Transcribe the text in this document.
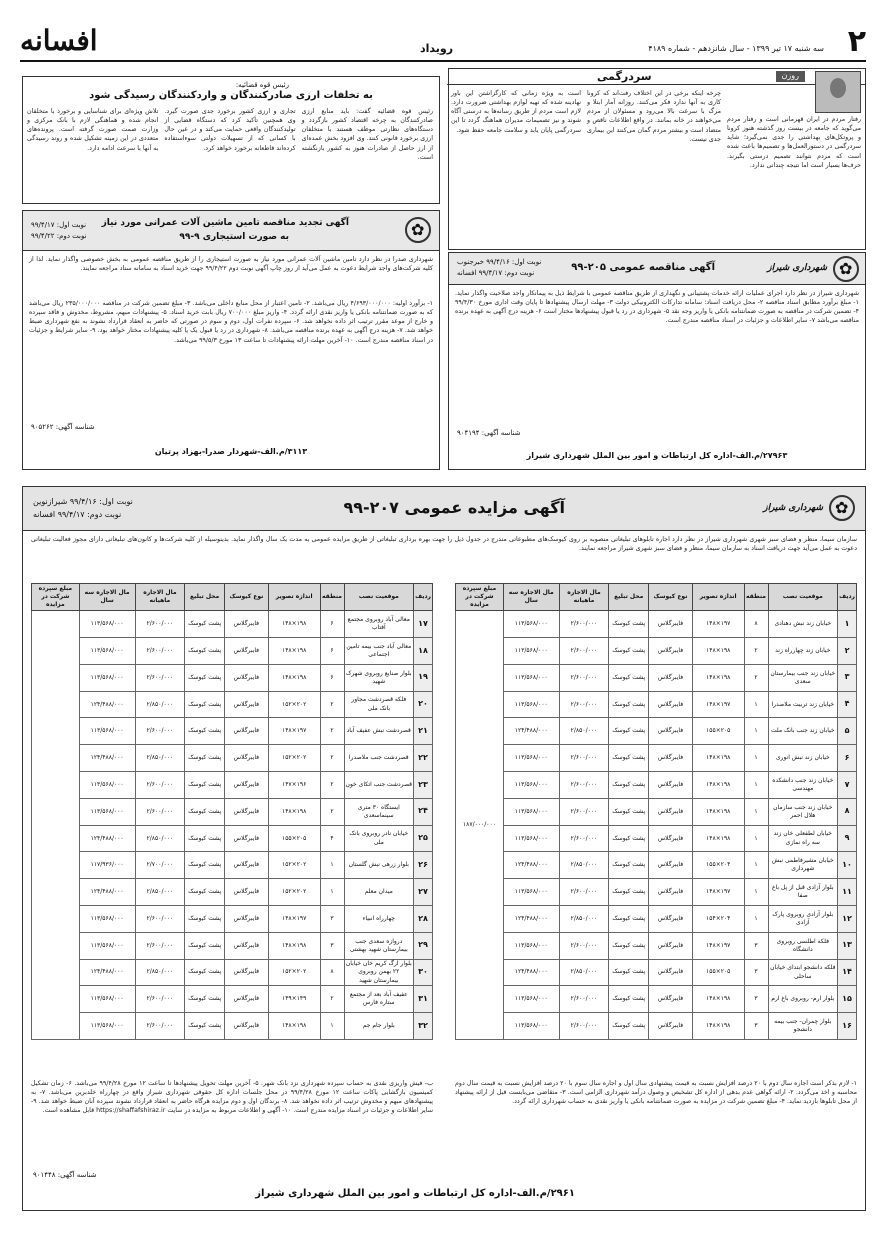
۲
سه شنبه ۱۷ تیر ۱۳۹۹ - سال شانزدهم - شماره ۴۱۸۹
رویداد
افسانه
روزن
سردرگمی

رفتار مردم در ایران قهرمانی است و رفتار مردم می‌گوید که جامعه در بیست روز گذشته هنوز کرونا و پروتکل‌های بهداشتی را جدی نمی‌گیرد؛ شاید سردرگمی در دستورالعمل‌ها و تصمیم‌ها باعث شده است که مردم نتوانند تصمیم درستی بگیرند. حرف‌ها بسیار است اما نتیجه چندانی ندارد.

چرخه اینکه برخی در این اختلاف رفت‌اند که کرونا کاری به آنها ندارد فکر می‌کنند. روزانه آمار ابتلا و مرگ با سرعت بالا می‌رود و مسئولان از مردم می‌خواهند در خانه بمانند. در واقع اطلاعات ناقص و متضاد است و بیشتر مردم گمان می‌کنند این بیماری جدی نیست.

است به ویژه زمانی که کارگزاشتن این باور نهادینه شده که تهیه لوازم بهداشتی ضرورت دارد. لازم است مردم از طریق رسانه‌ها به درستی آگاه شوند و نیز تصمیمات مدیران هماهنگ گردد تا این سردرگمی پایان یابد و سلامت جامعه حفظ شود.

رئیس قوه قضائیه:
به تخلفات ارزی صادرکنندگان و واردکنندگان رسیدگی شود

رئیس قوه قضائیه گفت: باید منابع ارزی صادرکنندگان به چرخه اقتصاد کشور بازگردد و دستگاه‌های نظارتی موظف هستند با متخلفان ارزی برخورد قانونی کنند. وی افزود بخش عمده‌ای از ارز حاصل از صادرات هنوز به کشور بازنگشته است.

تجاری و ارزی کشور برخورد جدی صورت گیرد. وی همچنین تأکید کرد که دستگاه قضایی از تولیدکنندگان واقعی حمایت می‌کند و در عین حال با کسانی که از تسهیلات دولتی سوءاستفاده کرده‌اند قاطعانه برخورد خواهد کرد.

تلاش ویژه‌ای برای شناسایی و برخورد با متخلفان انجام شده و هماهنگی لازم با بانک مرکزی و وزارت صمت صورت گرفته است. پرونده‌های متعددی در این زمینه تشکیل شده و روند رسیدگی به آنها با سرعت ادامه دارد.

✿
شهرداری شیراز
آگهی مناقصه عمومی ۲۰۵-۹۹
نوبت اول: ۹۹/۴/۱۶ خبرجنوب
نوبت دوم: ۹۹/۴/۱۷ افسانه

شهرداری شیراز در نظر دارد اجرای عملیات ارائه خدمات پشتیبانی و نگهداری از طریق مناقصه عمومی با شرایط ذیل به پیمانکار واجد صلاحیت واگذار نماید. ۱- مبلغ برآورد مطابق اسناد مناقصه ۲- محل دریافت اسناد: سامانه تدارکات الکترونیکی دولت ۳- مهلت ارسال پیشنهادها تا پایان وقت اداری مورخ ۹۹/۴/۳۰ ۴- تضمین شرکت در مناقصه به صورت ضمانتنامه بانکی یا واریز وجه نقد ۵- شهرداری در رد یا قبول پیشنهادها مختار است ۶- هزینه درج آگهی به عهده برنده مناقصه می‌باشد ۷- سایر اطلاعات و جزئیات در اسناد مناقصه مندرج است.

شناسه آگهی: ۹۰۴۱۹۴
۲۷۹۶۳/م.الف-اداره کل ارتباطات و امور بین الملل شهرداری شیراز
✿
آگهی تجدید مناقصه تامین ماشین آلات عمرانی مورد نیاز
به صورت استیجاری ۹-۹۹
نوبت اول: ۹۹/۴/۱۷
نوبت دوم: ۹۹/۴/۲۲

شهرداری صدرا در نظر دارد تامین ماشین آلات عمرانی مورد نیاز به صورت استیجاری را از طریق مناقصه عمومی به بخش خصوصی واگذار نماید. لذا از کلیه شرکت‌های واجد شرایط دعوت به عمل می‌آید از روز چاپ آگهی نوبت دوم ۹۹/۴/۲۲ جهت خرید اسناد به سامانه ستاد مراجعه نمایند.

۱- برآورد اولیه: ۴/۶۹۳/۰۰۰/۰۰۰ ریال می‌باشد. ۲- تامین اعتبار از محل منابع داخلی می‌باشد. ۳- مبلغ تضمین شرکت در مناقصه ۲۳۵/۰۰۰/۰۰۰ ریال می‌باشد که به صورت ضمانتنامه بانکی یا واریز نقدی ارائه گردد. ۴- واریز مبلغ ۷۰۰/۰۰۰ ریال بابت خرید اسناد. ۵- پیشنهادات مبهم، مشروط، مخدوش و فاقد سپرده و خارج از موعد مقرر ترتیب اثر داده نخواهد شد. ۶- سپرده نفرات اول، دوم و سوم در صورتی که حاضر به انعقاد قرارداد نشوند به نفع شهرداری ضبط خواهد شد. ۷- هزینه درج آگهی به عهده برنده مناقصه می‌باشد. ۸- شهرداری در رد یا قبول یک یا کلیه پیشنهادات مختار خواهد بود. ۹- سایر شرایط و جزئیات در اسناد مناقصه مندرج است. ۱۰- آخرین مهلت ارائه پیشنهادات تا ساعت ۱۳ مورخ ۹۹/۵/۳ می‌باشد.

شناسه آگهی: ۹۰۵۲۶۲
۳۱۱۳/م.الف-شهردار صدرا-بهزاد پرتیان
✿
شهرداری شیراز
آگهی مزایده عمومی ۲۰۷-۹۹
نوبت اول: ۹۹/۴/۱۶ شیرازنوین
نوبت دوم: ۹۹/۴/۱۷ افسانه

سازمان سیما، منظر و فضای سبز شهری شهرداری شیراز در نظر دارد اجاره تابلوهای تبلیغاتی منصوبه بر روی کیوسک‌های مطبوعاتی مندرج در جدول ذیل را جهت بهره برداری تبلیغاتی از طریق مزایده عمومی به مدت یک سال واگذار نماید. بدینوسیله از کلیه شرکت‌ها و کانون‌های تبلیغاتی دارای مجوز فعالیت تبلیغاتی دعوت به عمل می‌آید جهت دریافت اسناد به سازمان سیما، منظر و فضای سبز شهری شیراز مراجعه نمایند.

ردیف	موقعیت نصب	منطقه	اندازه تصویر	نوع کیوسک	محل تبلیغ	مال الاجاره ماهیانه	مال الاجاره سه سال	مبلغ سپرده شرکت در مزایده
۱	خیابان زند نبش دهنادی	۸	۱۹۷×۱۴۸	فایبرگلاس	پشت کیوسک	۲/۶۰۰/۰۰۰	۱۱۳/۵۶۸/۰۰۰	۱۸۷/۰۰۰/۰۰۰
۲	خیابان زند چهارراه زند	۲	۱۹۸×۱۴۸	فایبرگلاس	پشت کیوسک	۲/۶۰۰/۰۰۰	۱۱۳/۵۶۸/۰۰۰	
۳	خیابان زند جنب بیمارستان سعدی	۲	۱۹۸×۱۴۸	فایبرگلاس	پشت کیوسک	۲/۶۰۰/۰۰۰	۱۱۳/۵۶۸/۰۰۰	
۴	خیابان زند تربیت ملاصدرا	۱	۱۹۷×۱۴۸	فایبرگلاس	پشت کیوسک	۲/۶۰۰/۰۰۰	۱۱۳/۵۶۸/۰۰۰	
۵	خیابان زند جنب بانک ملت	۱	۲۰۵×۱۵۵	فایبرگلاس	پشت کیوسک	۲/۸۵۰/۰۰۰	۱۲۴/۴۸۸/۰۰۰	
۶	خیابان زند نبش انوری	۱	۱۹۸×۱۴۸	فایبرگلاس	پشت کیوسک	۲/۶۰۰/۰۰۰	۱۱۳/۵۶۸/۰۰۰	
۷	خیابان زند جنب دانشکده مهندسی	۱	۱۹۸×۱۴۸	فایبرگلاس	پشت کیوسک	۲/۶۰۰/۰۰۰	۱۱۳/۵۶۸/۰۰۰	
۸	خیابان زند جنب سازمان هلال احمر	۱	۱۹۸×۱۴۸	فایبرگلاس	پشت کیوسک	۲/۶۰۰/۰۰۰	۱۱۳/۵۶۸/۰۰۰	
۹	خیابان لطفعلی خان زند سه راه نمازی	۱	۱۹۸×۱۴۸	فایبرگلاس	پشت کیوسک	۲/۶۰۰/۰۰۰	۱۱۳/۵۶۸/۰۰۰	
۱۰	خیابان مشیرفاطمی نبش شهرداری	۱	۲۰۴×۱۵۵	فایبرگلاس	پشت کیوسک	۲/۸۵۰/۰۰۰	۱۲۴/۴۸۸/۰۰۰	
۱۱	بلوار آزادی قبل از پل باغ صفا	۱	۱۹۷×۱۴۸	فایبرگلاس	پشت کیوسک	۲/۶۰۰/۰۰۰	۱۱۳/۵۶۸/۰۰۰	
۱۲	بلوار آزادی روبروی پارک آزادی	۱	۲۰۴×۱۵۴	فایبرگلاس	پشت کیوسک	۲/۸۵۰/۰۰۰	۱۲۴/۴۸۸/۰۰۰	
۱۳	فلکه اطلسی روبروی دانشگاه	۳	۱۹۷×۱۴۸	فایبرگلاس	پشت کیوسک	۲/۶۰۰/۰۰۰	۱۱۳/۵۶۸/۰۰۰	
۱۴	فلکه دانشجو ابتدای خیابان ساحلی	۳	۲۰۵×۱۵۵	فایبرگلاس	پشت کیوسک	۲/۸۵۰/۰۰۰	۱۲۴/۴۸۸/۰۰۰	
۱۵	بلوار ارم- روبروی باغ ارم	۳	۱۹۸×۱۴۸	فایبرگلاس	پشت کیوسک	۲/۶۰۰/۰۰۰	۱۱۳/۵۶۸/۰۰۰	
۱۶	بلوار چمران- جنب بیمه دانشجو	۳	۱۹۸×۱۴۸	فایبرگلاس	پشت کیوسک	۲/۶۰۰/۰۰۰	۱۱۳/۵۶۸/۰۰۰	
ردیف	موقعیت نصب	منطقه	اندازه تصویر	نوع کیوسک	محل تبلیغ	مال الاجاره ماهیانه	مال الاجاره سه سال	مبلغ سپرده شرکت در مزایده
۱۷	معالی آباد روبروی مجتمع آفتاب	۶	۱۹۸×۱۴۸	فایبرگلاس	پشت کیوسک	۲/۶۰۰/۰۰۰	۱۱۳/۵۶۸/۰۰۰	
۱۸	معالی آباد جنب بیمه تامین اجتماعی	۶	۱۹۸×۱۴۸	فایبرگلاس	پشت کیوسک	۲/۶۰۰/۰۰۰	۱۱۳/۵۶۸/۰۰۰	
۱۹	بلوار صنایع روبروی شهرک شهید	۶	۱۹۸×۱۴۸	فایبرگلاس	پشت کیوسک	۲/۶۰۰/۰۰۰	۱۱۳/۵۶۸/۰۰۰	
۲۰	فلکه قصردشت مجاور بانک ملی	۲	۲۰۲×۱۵۲	فایبرگلاس	پشت کیوسک	۲/۸۵۰/۰۰۰	۱۲۴/۴۸۸/۰۰۰	
۲۱	قصردشت نبش عفیف آباد	۲	۱۹۷×۱۴۸	فایبرگلاس	پشت کیوسک	۲/۶۰۰/۰۰۰	۱۱۳/۵۶۸/۰۰۰	
۲۲	قصردشت جنب ملاصدرا	۲	۲۰۲×۱۵۲	فایبرگلاس	پشت کیوسک	۲/۸۵۰/۰۰۰	۱۲۴/۴۸۸/۰۰۰	
۲۳	قصردشت جنب اتکای خون	۲	۱۹۶×۱۴۷	فایبرگلاس	پشت کیوسک	۲/۶۰۰/۰۰۰	۱۱۳/۵۶۸/۰۰۰	
۲۴	ایستگاه ۳۰ متری سینماسعدی	۲	۱۹۸×۱۴۸	فایبرگلاس	پشت کیوسک	۲/۶۰۰/۰۰۰	۱۱۳/۵۶۸/۰۰۰	
۲۵	خیابان نادر روبروی بانک ملی	۴	۲۰۵×۱۵۵	فایبرگلاس	پشت کیوسک	۲/۸۵۰/۰۰۰	۱۲۴/۴۸۸/۰۰۰	
۲۶	بلوار زرهی نبش گلستان	۱	۲۰۲×۱۵۲	فایبرگلاس	پشت کیوسک	۲/۷۰۰/۰۰۰	۱۱۷/۹۳۶/۰۰۰	
۲۷	میدان معلم	۱	۲۰۲×۱۵۲	فایبرگلاس	پشت کیوسک	۲/۸۵۰/۰۰۰	۱۲۴/۴۸۸/۰۰۰	
۲۸	چهارراه انبیاء	۳	۱۹۷×۱۴۸	فایبرگلاس	پشت کیوسک	۲/۶۰۰/۰۰۰	۱۱۳/۵۶۸/۰۰۰	
۲۹	دروازه سعدی جنب بیمارستان شهید بهشتی	۳	۱۹۸×۱۴۸	فایبرگلاس	پشت کیوسک	۲/۶۰۰/۰۰۰	۱۱۳/۵۶۸/۰۰۰	
۳۰	بلوار ارگ کریم خان خیابان ۲۲ بهمن روبروی بیمارستان شهید	۸	۲۰۲×۱۵۲	فایبرگلاس	پشت کیوسک	۲/۸۵۰/۰۰۰	۱۲۴/۴۸۸/۰۰۰	
۳۱	عفیف آباد بعد از مجتمع ستاره فارس	۲	۱۴۹×۱۴۹	فایبرگلاس	پشت کیوسک	۲/۶۰۰/۰۰۰	۱۱۳/۵۶۸/۰۰۰	
۳۲	بلوار جام جم	۱	۱۹۸×۱۴۸	فایبرگلاس	پشت کیوسک	۲/۶۰۰/۰۰۰	۱۱۳/۵۶۸/۰۰۰	

۱- لازم بذکر است اجاره سال دوم با ۲۰ درصد افزایش نسبت به قیمت پیشنهادی سال اول و اجاره سال سوم با ۲۰ درصد افزایش نسبت به قیمت سال دوم محاسبه و اخذ می‌گردد. ۲- ارائه گواهی عدم بدهی از اداره کل تشخیص و وصول درآمد شهرداری الزامی است. ۳- متقاضی می‌بایست قبل از ارائه پیشنهاد از محل تابلوها بازدید نماید. ۴- مبلغ تضمین شرکت در مزایده به صورت ضمانتنامه بانکی یا واریز نقدی به حساب شهرداری ارائه گردد.

ب- فیش واریزی نقدی به حساب سپرده شهرداری نزد بانک شهر. ۵- آخرین مهلت تحویل پیشنهادها تا ساعت ۱۲ مورخ ۹۹/۴/۲۸ می‌باشد. ۶- زمان تشکیل کمیسیون بازگشایی پاکات ساعت ۱۲ مورخ ۹۹/۴/۲۸ در محل جلسات اداره کل حقوقی شهرداری شیراز واقع در چهارراه خلدبرین می‌باشد. ۷- به پیشنهادهای مبهم و مخدوش ترتیب اثر داده نخواهد شد. ۸- برندگان اول و دوم مزایده هرگاه حاضر به انعقاد قرارداد نشوند سپرده آنان ضبط خواهد شد. ۹- سایر اطلاعات و جزئیات در اسناد مزایده مندرج است. ۱۰- آگهی و اطلاعات مربوط به مزایده در سایت https://shaffafshiraz.ir قابل مشاهده است.

شناسه آگهی: ۹۰۱۴۴۸
۲۹۶۱/م.الف-اداره کل ارتباطات و امور بین الملل شهرداری شیراز
